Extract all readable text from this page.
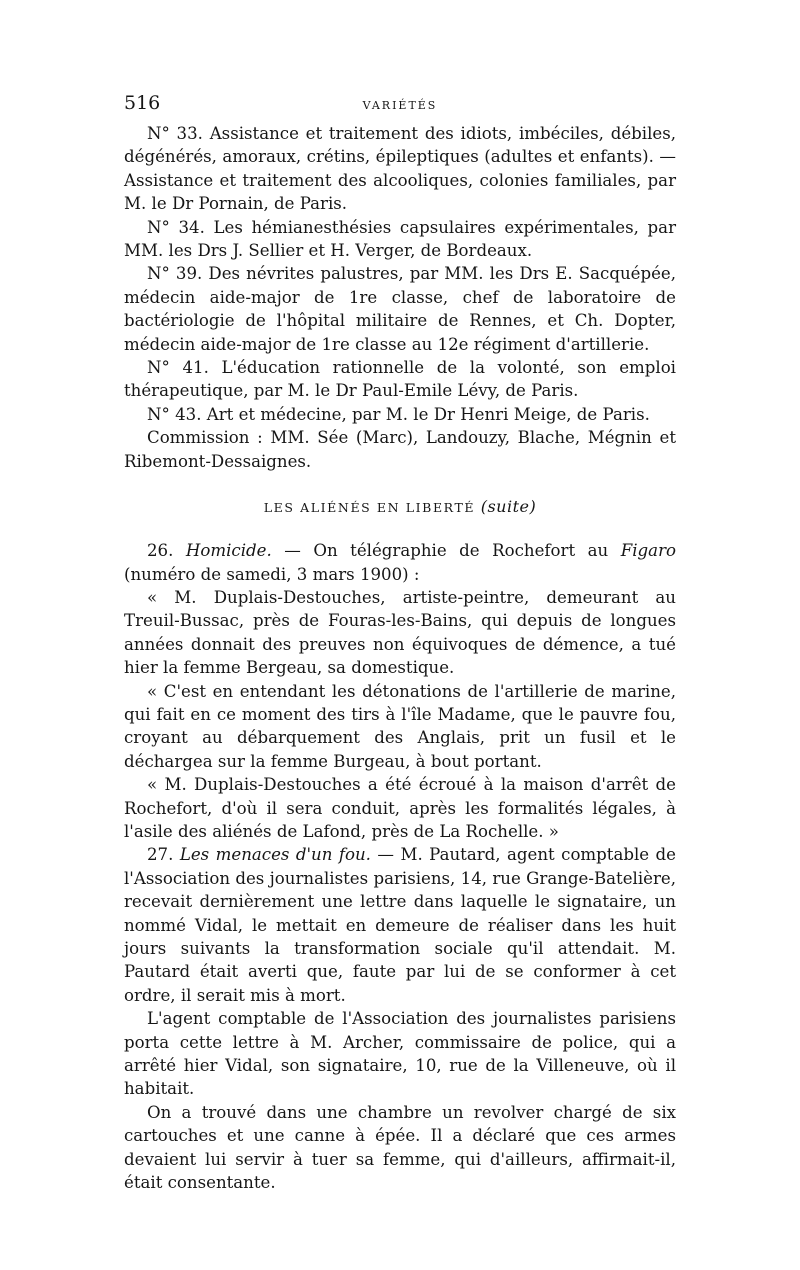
516	VARIÉTÉS

N° 33. Assistance et traitement des idiots, imbéciles, débiles, dégénérés, amoraux, crétins, épileptiques (adultes et enfants). — Assistance et traitement des alcooliques, colonies familiales, par M. le Dr Pornain, de Paris.

N° 34. Les hémianesthésies capsulaires expérimentales, par MM. les Drs J. Sellier et H. Verger, de Bordeaux.

N° 39. Des névrites palustres, par MM. les Drs E. Sacquépée, médecin aide-major de 1re classe, chef de laboratoire de bactériologie de l'hôpital militaire de Rennes, et Ch. Dopter, médecin aide-major de 1re classe au 12e régiment d'artillerie.

N° 41. L'éducation rationnelle de la volonté, son emploi thérapeutique, par M. le Dr Paul-Emile Lévy, de Paris.

N° 43. Art et médecine, par M. le Dr Henri Meige, de Paris.

Commission : MM. Sée (Marc), Landouzy, Blache, Mégnin et Ribemont-Dessaignes.

LES ALIÉNÉS EN LIBERTÉ (suite)

26. Homicide. — On télégraphie de Rochefort au Figaro (numéro de samedi, 3 mars 1900) :

« M. Duplais-Destouches, artiste-peintre, demeurant au Treuil-Bussac, près de Fouras-les-Bains, qui depuis de longues années donnait des preuves non équivoques de démence, a tué hier la femme Bergeau, sa domestique.

« C'est en entendant les détonations de l'artillerie de marine, qui fait en ce moment des tirs à l'île Madame, que le pauvre fou, croyant au débarquement des Anglais, prit un fusil et le déchargea sur la femme Burgeau, à bout portant.

« M. Duplais-Destouches a été écroué à la maison d'arrêt de Rochefort, d'où il sera conduit, après les formalités légales, à l'asile des aliénés de Lafond, près de La Rochelle. »

27. Les menaces d'un fou. — M. Pautard, agent comptable de l'Association des journalistes parisiens, 14, rue Grange-Batelière, recevait dernièrement une lettre dans laquelle le signataire, un nommé Vidal, le mettait en demeure de réaliser dans les huit jours suivants la transformation sociale qu'il attendait. M. Pautard était averti que, faute par lui de se conformer à cet ordre, il serait mis à mort.

L'agent comptable de l'Association des journalistes parisiens porta cette lettre à M. Archer, commissaire de police, qui a arrêté hier Vidal, son signataire, 10, rue de la Villeneuve, où il habitait.

On a trouvé dans une chambre un revolver chargé de six cartouches et une canne à épée. Il a déclaré que ces armes devaient lui servir à tuer sa femme, qui d'ailleurs, affirmait-il, était consentante.
